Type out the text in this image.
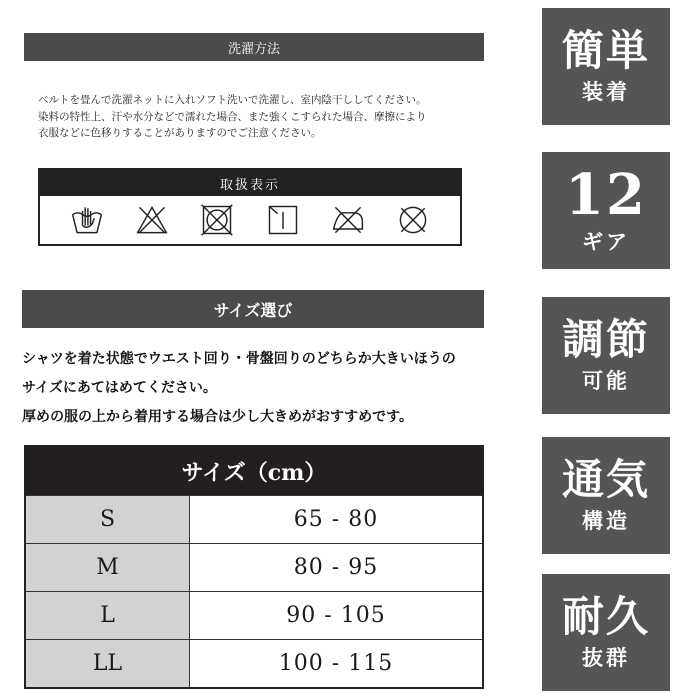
洗濯方法
ベルトを畳んで洗濯ネットに入れソフト洗いで洗濯し、室内陰干ししてください。
染料の特性上、汗や水分などで濡れた場合、また強くこすられた場合、摩擦により
衣服などに色移りすることがありますのでご注意ください。
取扱表示
サイズ選び
シャツを着た状態でウエスト回り・骨盤回りのどちらか大きいほうの
サイズにあてはめてください。
厚めの服の上から着用する場合は少し大きめがおすすめです。
サイズ（cm）
S	65 - 80
M	80 - 95
L	90 - 105
LL	100 - 115
簡単
装着
12
ギア
調節
可能
通気
構造
耐久
抜群
